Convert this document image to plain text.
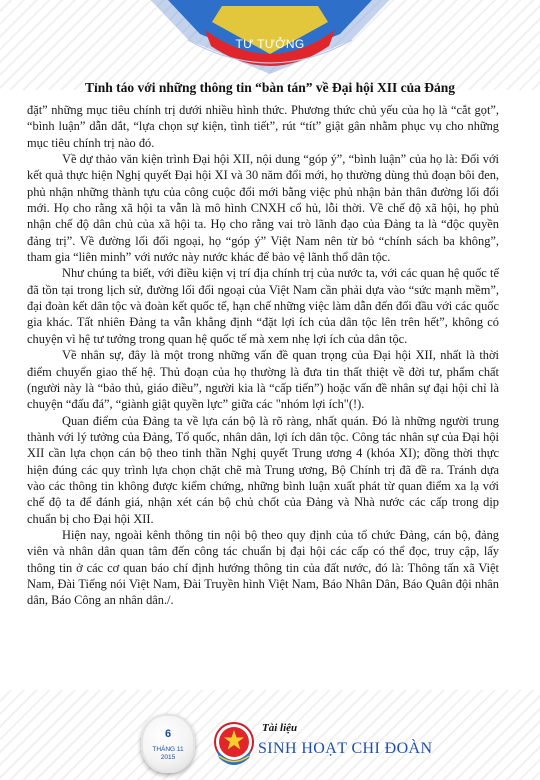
TƯ TƯỞNG
Tỉnh táo với những thông tin “bàn tán” về Đại hội XII của Đảng

đặt” những mục tiêu chính trị dưới nhiều hình thức. Phương thức chủ yếu của họ là “cắt gọt”, “bình luận” dẫn dắt, “lựa chọn sự kiện, tình tiết”, rút “tít” giật gân nhằm phục vụ cho những mục tiêu chính trị nào đó.

Về dự thảo văn kiện trình Đại hội XII, nội dung “góp ý”, “bình luận” của họ là: Đối với kết quả thực hiện Nghị quyết Đại hội XI và 30 năm đổi mới, họ thường dùng thủ đoạn bôi đen, phủ nhận những thành tựu của công cuộc đổi mới bằng việc phủ nhận bản thân đường lối đổi mới. Họ cho rằng xã hội ta vẫn là mô hình CNXH cổ hủ, lỗi thời. Về chế độ xã hội, họ phủ nhận chế độ dân chủ của xã hội ta. Họ cho rằng vai trò lãnh đạo của Đảng ta là “độc quyền đảng trị”. Về đường lối đối ngoại, họ “góp ý” Việt Nam nên từ bỏ “chính sách ba không”, tham gia “liên minh” với nước này nước khác để bảo vệ lãnh thổ dân tộc.

Như chúng ta biết, với điều kiện vị trí địa chính trị của nước ta, với các quan hệ quốc tế đã tồn tại trong lịch sử, đường lối đối ngoại của Việt Nam cần phải dựa vào “sức mạnh mềm”, đại đoàn kết dân tộc và đoàn kết quốc tế, hạn chế những việc làm dẫn đến đối đầu với các quốc gia khác. Tất nhiên Đảng ta vẫn khẳng định “đặt lợi ích của dân tộc lên trên hết”, không có chuyện vì hệ tư tưởng trong quan hệ quốc tế mà xem nhẹ lợi ích của dân tộc.

Về nhân sự, đây là một trong những vấn đề quan trọng của Đại hội XII, nhất là thời điểm chuyển giao thế hệ. Thủ đoạn của họ thường là đưa tin thất thiệt về đời tư, phẩm chất (người này là “bảo thủ, giáo điều”, người kia là “cấp tiến”) hoặc vấn đề nhân sự đại hội chỉ là chuyện “đấu đá”, “giành giật quyền lực” giữa các "nhóm lợi ích"(!).

Quan điểm của Đảng ta về lựa cán bộ là rõ ràng, nhất quán. Đó là những người trung thành với lý tưởng của Đảng, Tổ quốc, nhân dân, lợi ích dân tộc. Công tác nhân sự của Đại hội XII cần lựa chọn cán bộ theo tinh thần Nghị quyết Trung ương 4 (khóa XI); đồng thời thực hiện đúng các quy trình lựa chọn chặt chẽ mà Trung ương, Bộ Chính trị đã đề ra. Tránh dựa vào các thông tin không được kiểm chứng, những bình luận xuất phát từ quan điểm xa lạ với chế độ ta để đánh giá, nhận xét cán bộ chủ chốt của Đảng và Nhà nước các cấp trong dịp chuẩn bị cho Đại hội XII.

Hiện nay, ngoài kênh thông tin nội bộ theo quy định của tổ chức Đảng, cán bộ, đảng viên và nhân dân quan tâm đến công tác chuẩn bị đại hội các cấp có thể đọc, truy cập, lấy thông tin ở các cơ quan báo chí định hướng thông tin của đất nước, đó là: Thông tấn xã Việt Nam, Đài Tiếng nói Việt Nam, Đài Truyền hình Việt Nam, Báo Nhân Dân, Báo Quân đội nhân dân, Báo Công an nhân dân./.

6
THÁNG 11
2015
Tài liệu
SINH HOẠT CHI ĐOÀN
